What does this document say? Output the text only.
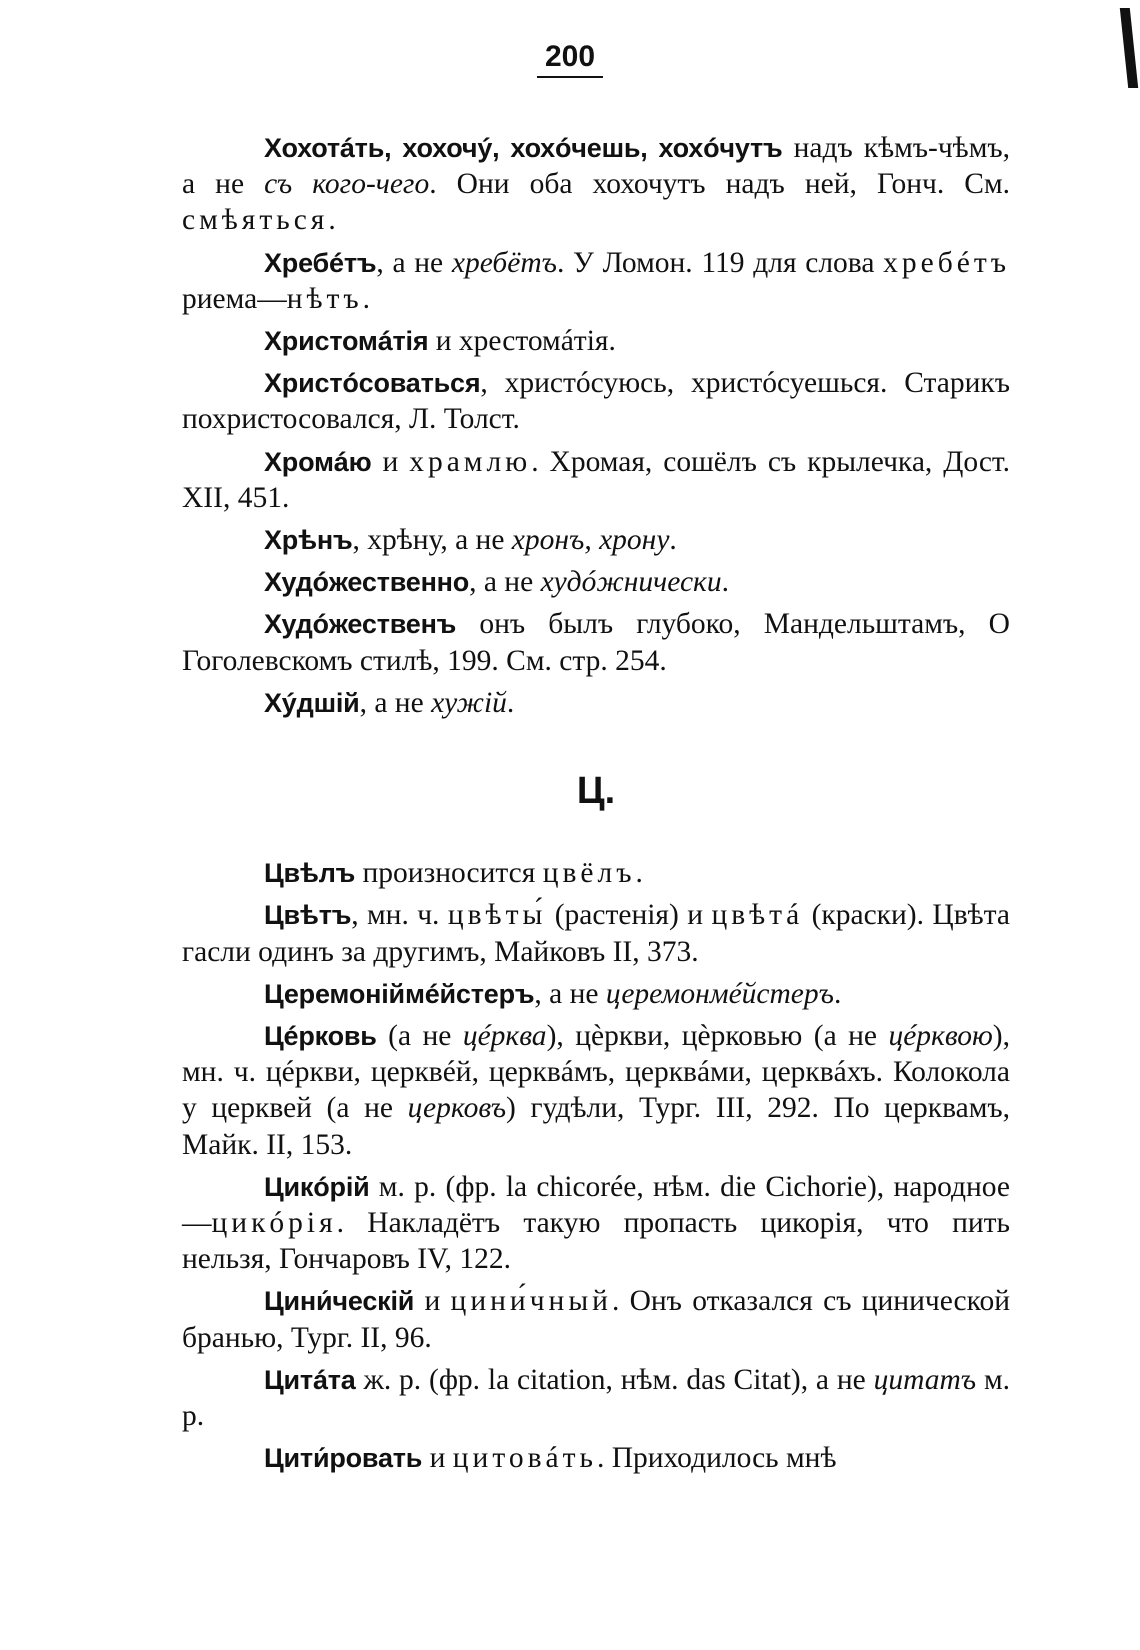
200

Хохотáть, хохочý, хохóчешь, хохóчутъ надъ кѣмъ-чѣмъ, а не съ кого-чего. Они оба хохочутъ надъ ней, Гонч. См. смѣяться.

Хребéтъ, а не хребётъ. У Ломон. 119 для слова хребéтъ риема—нѣтъ.

Христомáтія и хрестомáтія.

Христóсоваться, христóсуюсь, христóсуешься. Старикъ похристосовался, Л. Толст.

Хромáю и храмлю. Хромая, сошёлъ съ крылечка, Дост. XII, 451.

Хрѣнъ, хрѣну, а не хронъ, хрону.

Худóжественно, а не худóжнически.

Худóжественъ онъ былъ глубоко, Мандельштамъ, О Гоголевскомъ стилѣ, 199. См. стр. 254.

Хýдшій, а не хужій.

Ц.

Цвѣлъ произносится цвёлъ.

Цвѣтъ, мн. ч. цвѣты́ (растенія) и цвѣтá (краски). Цвѣта гасли одинъ за другимъ, Майковъ II, 373.

Церемоніймéйстеръ, а не церемонмéйстеръ.

Цéрковь (а не цéрква), цѐркви, цѐрковью (а не цéрквою), мн. ч. цéркви, церквéй, церквáмъ, церквáми, церквáхъ. Колокола у церквей (а не церковъ) гудѣли, Тург. III, 292. По церквамъ, Майк. II, 153.

Цикóрій м. р. (фр. la chicorée, нѣм. die Cichorie), народное—цикóрія. Накладётъ такую пропасть цикорія, что пить нельзя, Гончаровъ IV, 122.

Цини́ческій и цини́чный. Онъ отказался съ цинической бранью, Тург. II, 96.

Цитáта ж. р. (фр. la citation, нѣм. das Citat), а не цитатъ м. р.

Цити́ровать и цитовáть. Приходилось мнѣ
